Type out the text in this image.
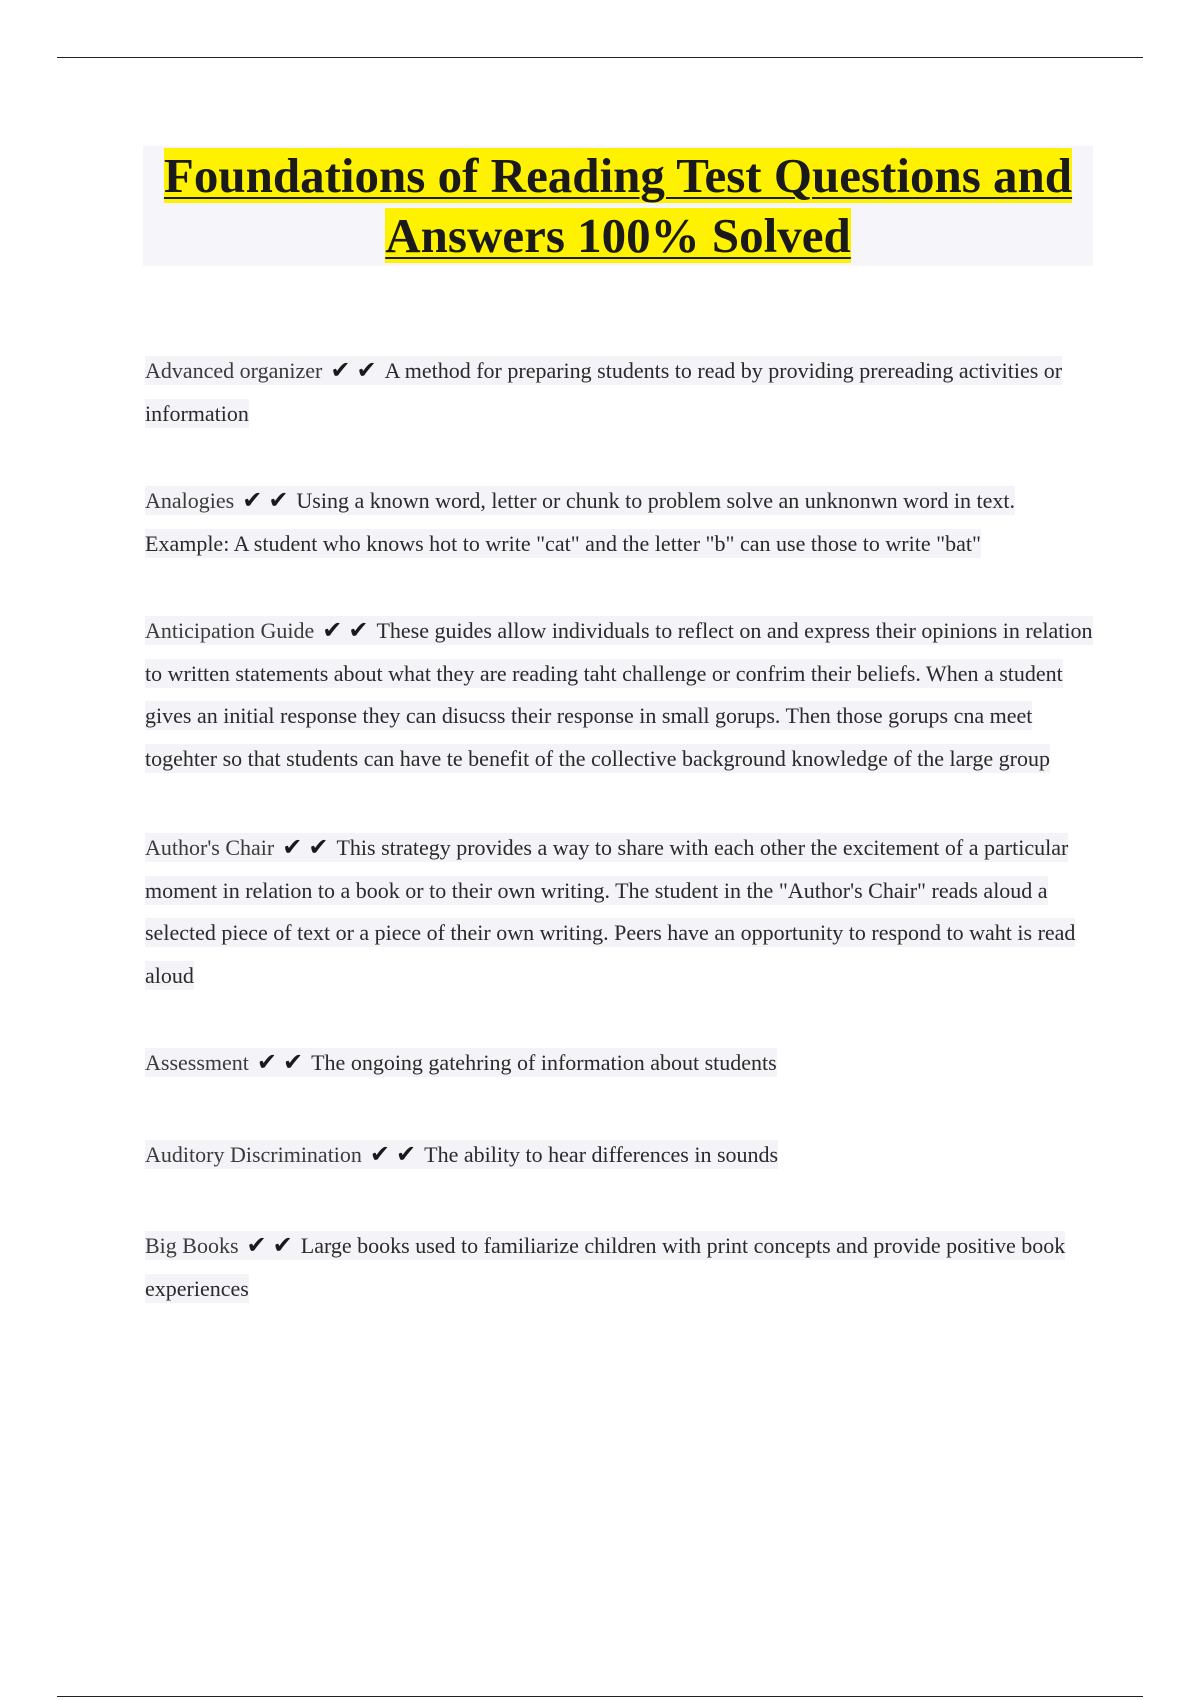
Foundations of Reading Test Questions and Answers 100% Solved

Advanced organizer ✔✔A method for preparing students to read by providing prereading activities or information

Analogies ✔✔Using a known word, letter or chunk to problem solve an unknonwn word in text. Example: A student who knows hot to write "cat" and the letter "b" can use those to write "bat"

Anticipation Guide ✔✔These guides allow individuals to reflect on and express their opinions in relation to written statements about what they are reading taht challenge or confrim their beliefs. When a student gives an initial response they can disucss their response in small gorups. Then those gorups cna meet togehter so that students can have te benefit of the collective background knowledge of the large group

Author's Chair ✔✔This strategy provides a way to share with each other the excitement of a particular moment in relation to a book or to their own writing. The student in the "Author's Chair" reads aloud a selected piece of text or a piece of their own writing. Peers have an opportunity to respond to waht is read aloud

Assessment ✔✔The ongoing gatehring of information about students

Auditory Discrimination ✔✔The ability to hear differences in sounds

Big Books ✔✔Large books used to familiarize children with print concepts and provide positive book experiences
